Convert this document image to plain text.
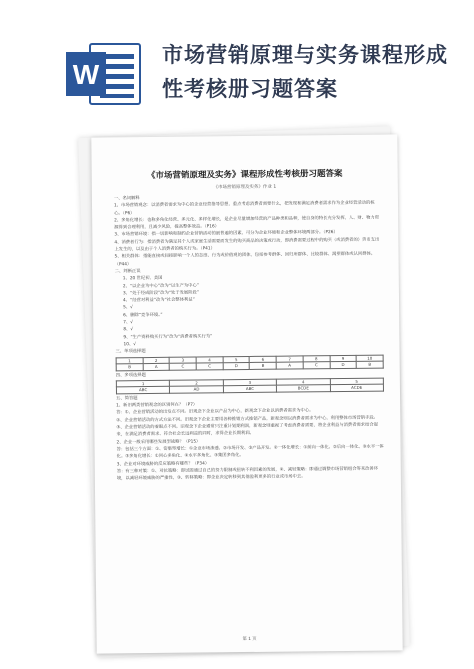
W
市场营销原理与实务课程形成性考核册习题答案
《市场营销原理及实务》课程形成性考核册习题答案
《市场营销原理及实务》作业 1

一、名词解释

1、市场营销观念：以消费者需求为中心的企业经营指导思想，重点考虑消费者需要什么，把发现和满足消费者需求作为企业经营活动的核心。（P6）

2、多角化增长：也称多角化经营、多元化、多样化增长，是企业尽量增加经营的产品种类和品种，使自身的特长充分发挥，人、财、物力资源得到合理利用，且减少风险，提高整体效益。（P16）

3、市场营销环境：指一切影响和制约企业营销活动的最普遍的因素，可分为企业环境和企业整体环境两部分。（P26）

4、消费者行为：指消费者为满足其个人或家庭生活需要而发生的购买商品的决策或行动，即消费需要过程中的购买（或消费者的）货币支出上发生的，以及由于个人消费者的购买行为。（P41）

5、相关群体：指能直接或间接影响一个人的态度、行为或价值观的团体，包括参考群体、回归所群体、比较群体、渴望群体或认同群体。（P44）

二、判断正误

1、20 世纪初，美国

2、“以企业为中心”改为“以生产为中心”

3、“处于经成阶段”改为“处于发展阶段”

4、“经营对利益”改为“社会整体利益”

5、√

6、删除“竞争环境。”

7、√

8、√

9、“生产资料购买行为”改为“消费者购买行为”

10、√

三、单项选择题

1	2	3	4	5	6	7	8	9	10
B	A	C	C	D	B	A	C	D	B

四、多项选择题

1	2	3	4	5
ABC	AD	ABC	BCDE	ACDE

五、简答题

1、新旧两类营销观念的区别何在？（P7）

答：①、企业营销活动的出发点不同。旧观念下企业以产品为中心，新观念下企业以消费者需求为中心。

②、企业营销活动的方式方法不同。旧观念下企业主要用各种推销方式推销产品，新观念则以消费者需求为中心，利用整体市场营销手段。

③、企业营销活动的着眼点不同。旧观念下企业通常只注重计划期利润，新观念则重视了考虑消费者需要，将企业利益与消费者需求结合起来，在满足消费者需求、符合社会长远利益的同时，求得企业长期利润。

2、企业一般采用哪些发展型战略？（P15）

答：包括三个方面：①、密集型增长：①企业市场渗透、②市场开发、③产品开发。②一体化增长：①前向一体化、②后向一体化、③水平一体化。③多角化增长：①同心多角化、②水平多角化、③集团多角化。

3、企业对环境威胁的反应策略有哪些？（P34）

答：有三种对策：①、对抗策略：即试图通过自己的努力限制或扭转不利因素的发展，②、减轻策略：即通过调整市场营销组合等来改善环境，以减轻环境威胁的严重性，③、转移策略：即企业决定转移到其他盈利更多的行业或市场中去。

第 1 页
